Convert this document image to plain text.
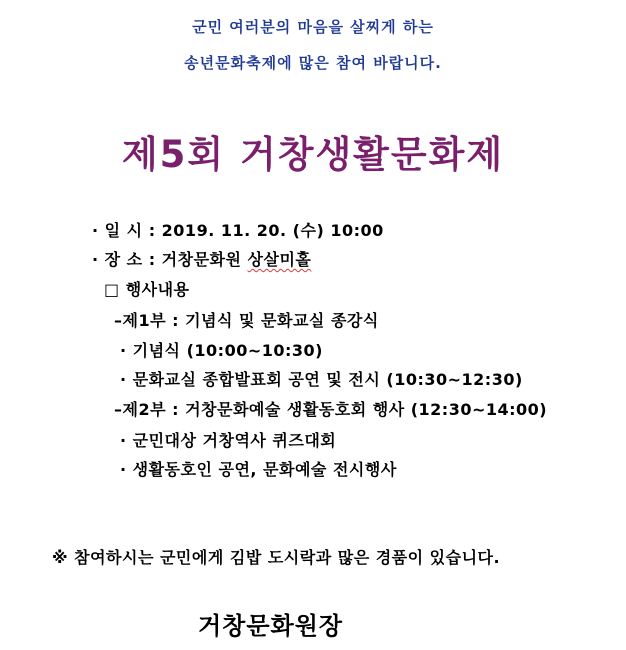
군민 여러분의 마음을 살찌게 하는
송년문화축제에 많은 참여 바랍니다.
제5회 거창생활문화제
· 일 시 : 2019. 11. 20. (수) 10:00
· 장 소 : 거창문화원 상살미홀
□ 행사내용
–제1부 : 기념식 및 문화교실 종강식
· 기념식 (10:00~10:30)
· 문화교실 종합발표회 공연 및 전시 (10:30~12:30)
–제2부 : 거창문화예술 생활동호회 행사 (12:30~14:00)
· 군민대상 거창역사 퀴즈대회
· 생활동호인 공연, 문화예술 전시행사
※ 참여하시는 군민에게 김밥 도시락과 많은 경품이 있습니다.
거창문화원장
